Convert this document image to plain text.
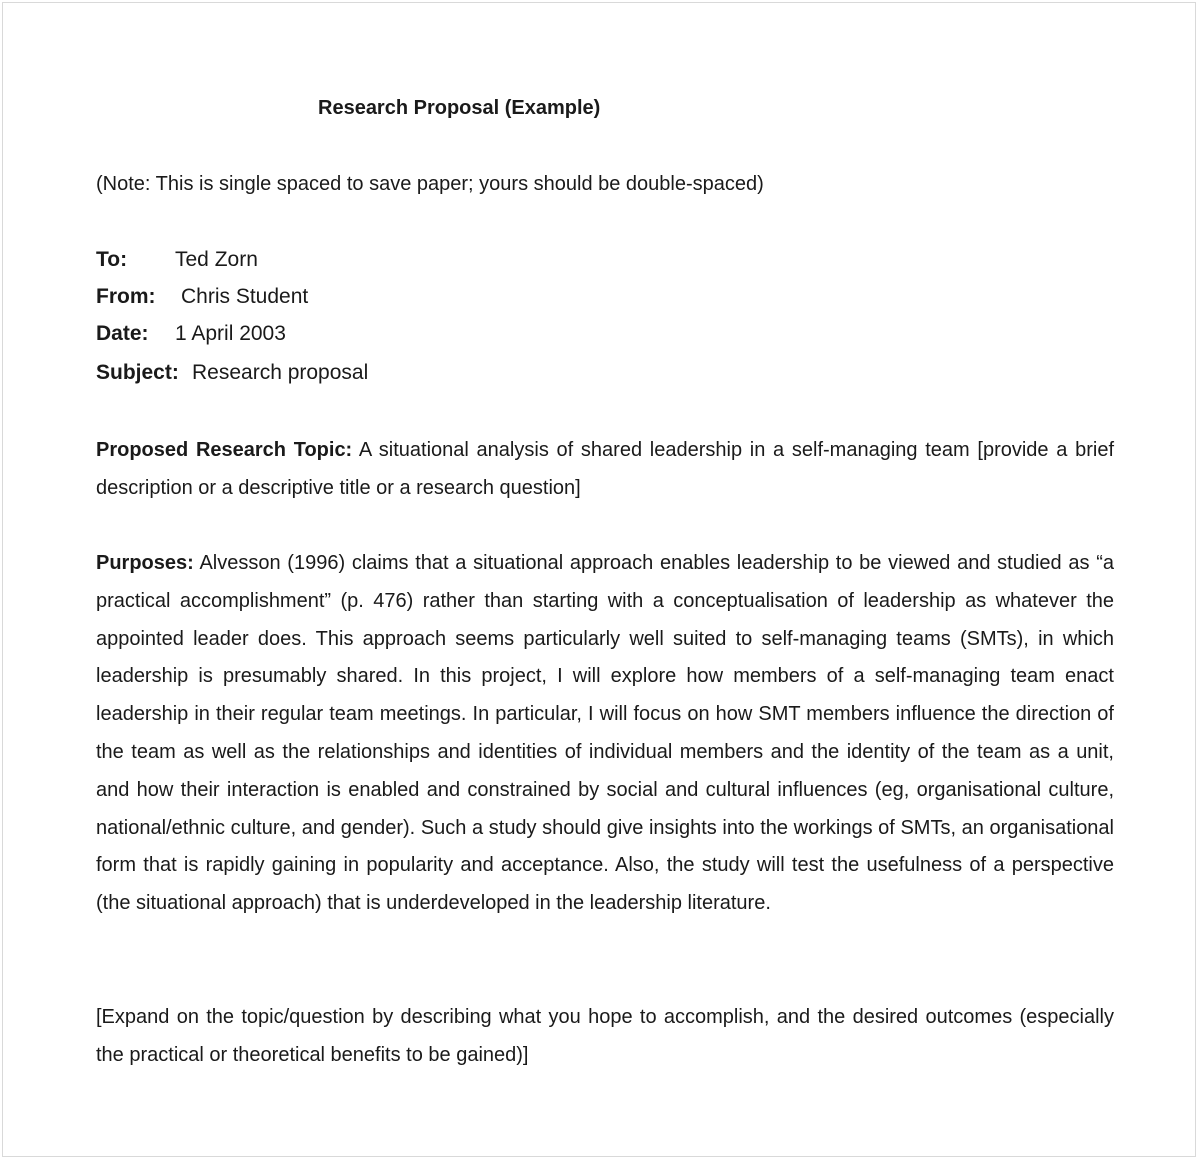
Research Proposal (Example)
(Note: This is single spaced to save paper; yours should be double-spaced)
To: Ted Zorn
From: Chris Student
Date: 1 April 2003
Subject: Research proposal
Proposed Research Topic: A situational analysis of shared leadership in a self-managing team [provide a brief description or a descriptive title or a research question]
Purposes: Alvesson (1996) claims that a situational approach enables leadership to be viewed and studied as “a practical accomplishment” (p. 476) rather than starting with a conceptualisation of leadership as whatever the appointed leader does. This approach seems particularly well suited to self-managing teams (SMTs), in which leadership is presumably shared. In this project, I will explore how members of a self-managing team enact leadership in their regular team meetings. In particular, I will focus on how SMT members influence the direction of the team as well as the relationships and identities of individual members and the identity of the team as a unit, and how their interaction is enabled and constrained by social and cultural influences (eg, organisational culture, national/ethnic culture, and gender). Such a study should give insights into the workings of SMTs, an organisational form that is rapidly gaining in popularity and acceptance. Also, the study will test the usefulness of a perspective (the situational approach) that is underdeveloped in the leadership literature.
[Expand on the topic/question by describing what you hope to accomplish, and the desired outcomes (especially the practical or theoretical benefits to be gained)]
